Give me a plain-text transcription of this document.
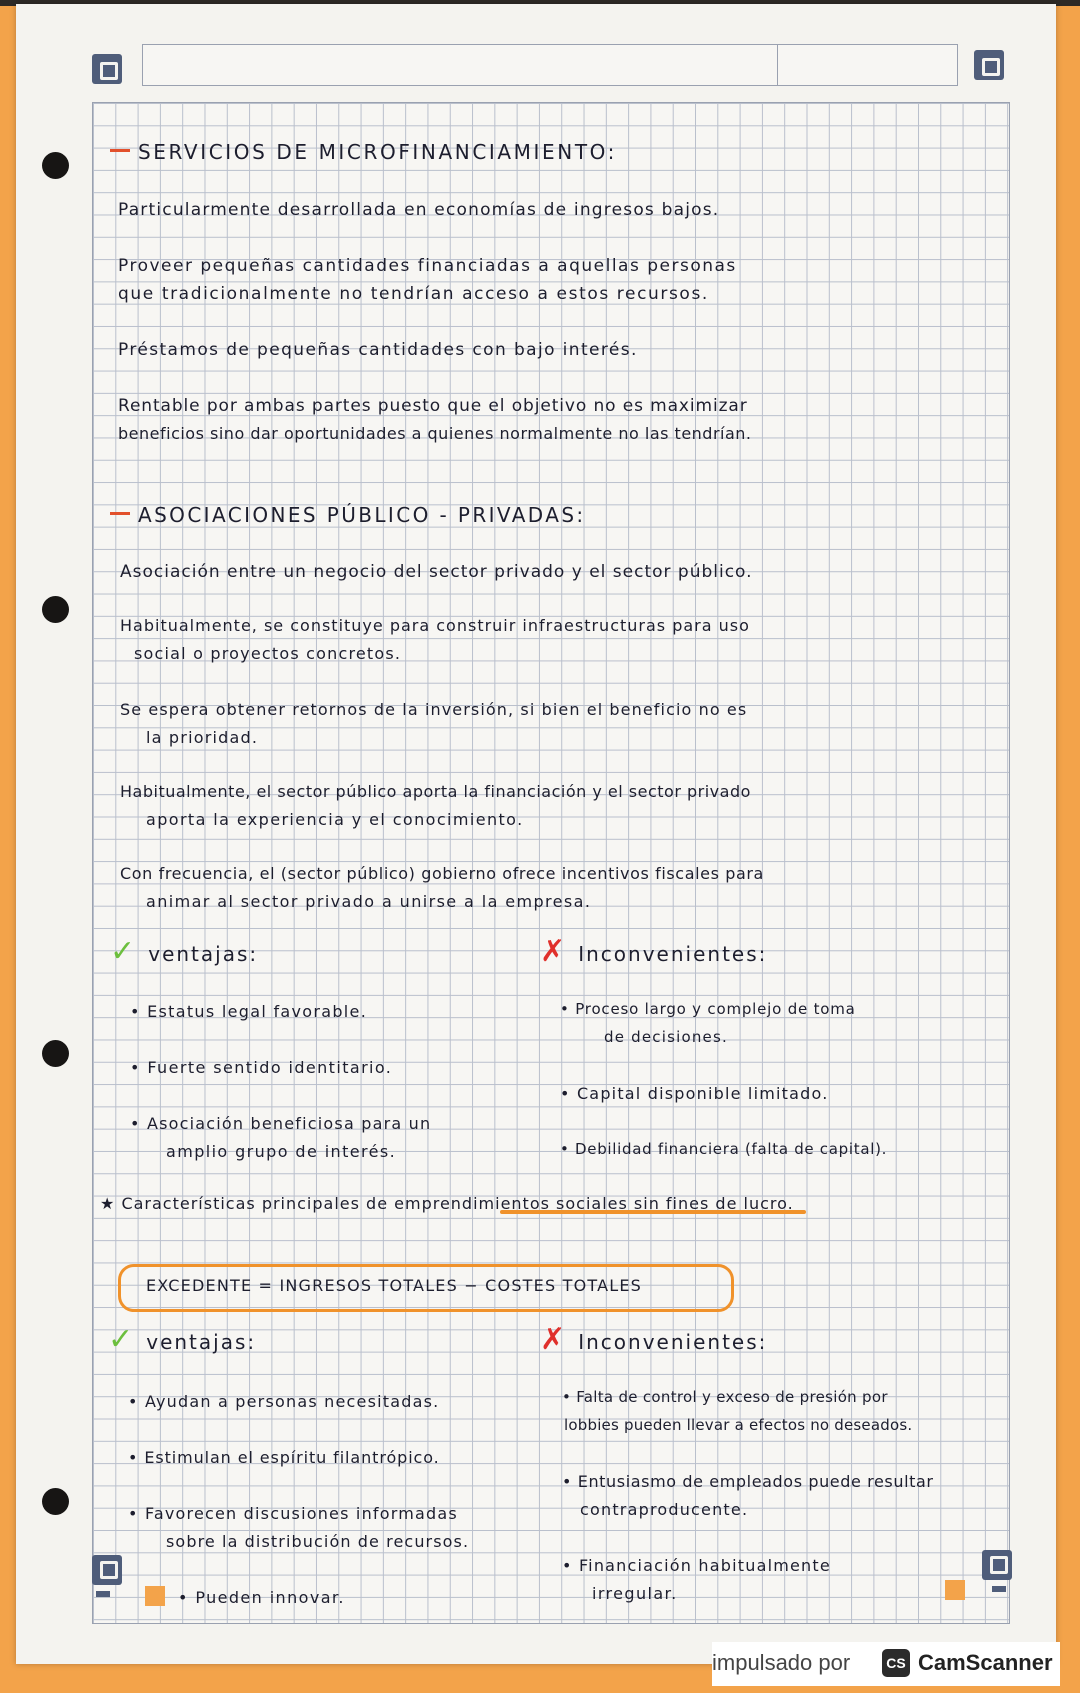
SERVICIOS DE MICROFINANCIAMIENTO:
Particularmente desarrollada en economías de ingresos bajos.
Proveer pequeñas cantidades financiadas a aquellas personas
que tradicionalmente no tendrían acceso a estos recursos.
Préstamos de pequeñas cantidades con bajo interés.
Rentable por ambas partes puesto que el objetivo no es maximizar
beneficios sino dar oportunidades a quienes normalmente no las tendrían.
ASOCIACIONES PÚBLICO - PRIVADAS:
Asociación entre un negocio del sector privado y el sector público.
Habitualmente, se constituye para construir infraestructuras para uso
social o proyectos concretos.
Se espera obtener retornos de la inversión, si bien el beneficio no es
la prioridad.
Habitualmente, el sector público aporta la financiación y el sector privado
aporta la experiencia y el conocimiento.
Con frecuencia, el (sector público) gobierno ofrece incentivos fiscales para
animar al sector privado a unirse a la empresa.
✓ ventajas:	✗ Inconvenientes:
• Estatus legal favorable.
• Fuerte sentido identitario.
• Asociación beneficiosa para un
amplio grupo de interés.
• Proceso largo y complejo de toma
de decisiones.
• Capital disponible limitado.
• Debilidad financiera (falta de capital).
★ Características principales de emprendimientos sociales sin fines de lucro.
EXCEDENTE = INGRESOS TOTALES − COSTES TOTALES
✓ ventajas:	✗ Inconvenientes:
• Ayudan a personas necesitadas.
• Estimulan el espíritu filantrópico.
• Favorecen discusiones informadas
sobre la distribución de recursos.
• Pueden innovar.
• Falta de control y exceso de presión por
lobbies pueden llevar a efectos no deseados.
• Entusiasmo de empleados puede resultar
contraproducente.
• Financiación habitualmente
irregular.
impulsado por	CS CamScanner
